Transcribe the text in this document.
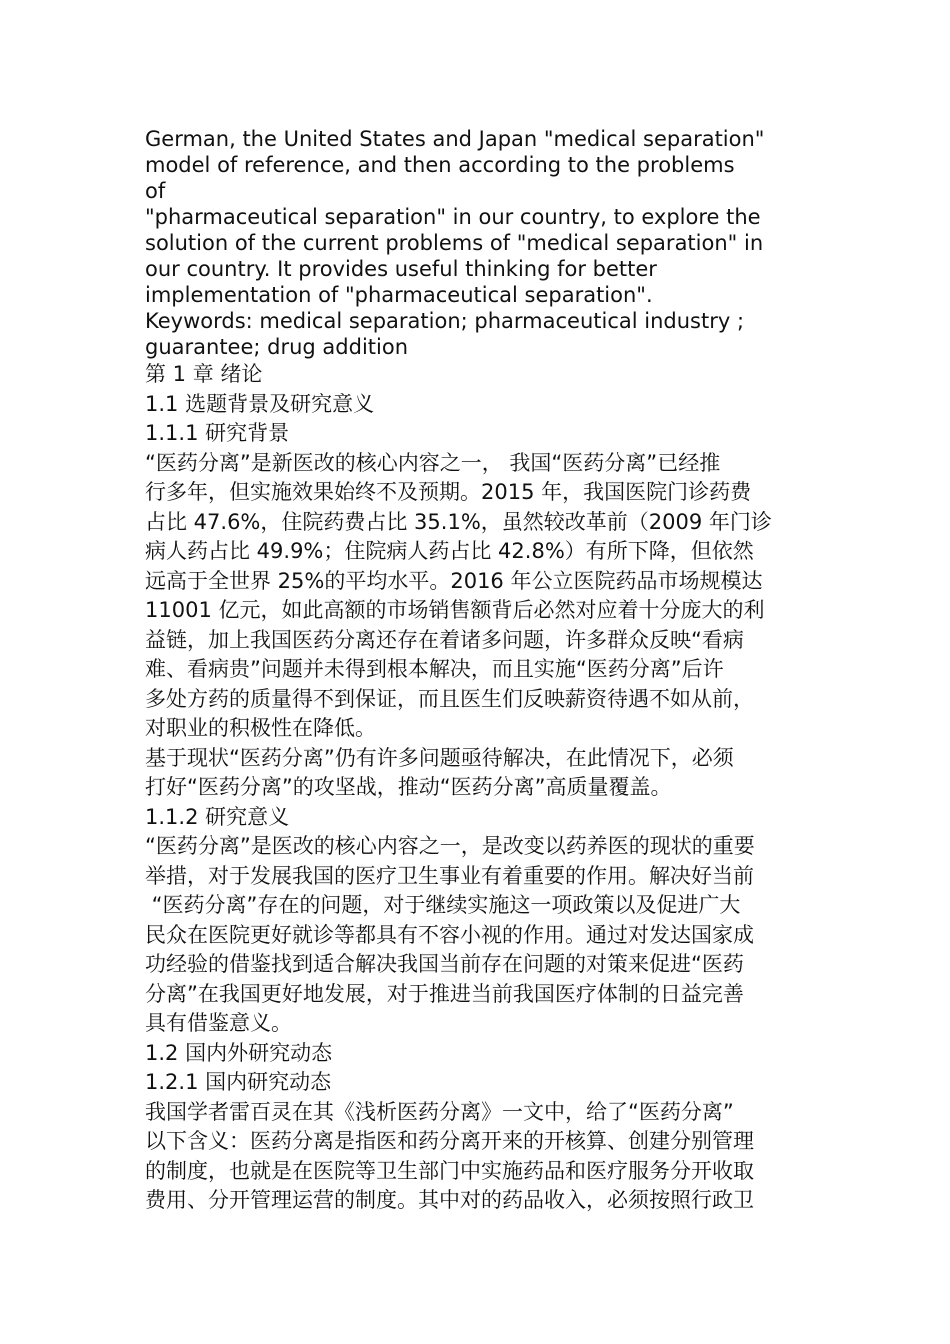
German, the United States and Japan "medical separation"
model of reference, and then according to the problems
of
"pharmaceutical separation" in our country, to explore the
solution of the current problems of "medical separation" in
our country. It provides useful thinking for better
implementation of "pharmaceutical separation".
Keywords: medical separation; pharmaceutical industry ;
guarantee; drug addition
第 1 章 绪论
1.1 选题背景及研究意义
1.1.1 研究背景
“医药分离”是新医改的核心内容之一， 我国“医药分离”已经推
行多年，但实施效果始终不及预期。2015 年，我国医院门诊药费
占比 47.6%，住院药费占比 35.1%，虽然较改革前（2009 年门诊
病人药占比 49.9%；住院病人药占比 42.8%）有所下降，但依然
远高于全世界 25%的平均水平。2016 年公立医院药品市场规模达
11001 亿元，如此高额的市场销售额背后必然对应着十分庞大的利
益链，加上我国医药分离还存在着诸多问题，许多群众反映“看病
难、看病贵”问题并未得到根本解决，而且实施“医药分离”后许
多处方药的质量得不到保证，而且医生们反映薪资待遇不如从前，
对职业的积极性在降低。
基于现状“医药分离”仍有许多问题亟待解决，在此情况下，必须
打好“医药分离”的攻坚战，推动“医药分离”高质量覆盖。
1.1.2 研究意义
“医药分离”是医改的核心内容之一，是改变以药养医的现状的重要
举措，对于发展我国的医疗卫生事业有着重要的作用。解决好当前
“医药分离”存在的问题，对于继续实施这一项政策以及促进广大
民众在医院更好就诊等都具有不容小视的作用。通过对发达国家成
功经验的借鉴找到适合解决我国当前存在问题的对策来促进“医药
分离”在我国更好地发展，对于推进当前我国医疗体制的日益完善
具有借鉴意义。
1.2 国内外研究动态
1.2.1 国内研究动态
我国学者雷百灵在其《浅析医药分离》一文中，给了“医药分离”
以下含义：医药分离是指医和药分离开来的开核算、创建分别管理
的制度，也就是在医院等卫生部门中实施药品和医疗服务分开收取
费用、分开管理运营的制度。其中对的药品收入，必须按照行政卫
